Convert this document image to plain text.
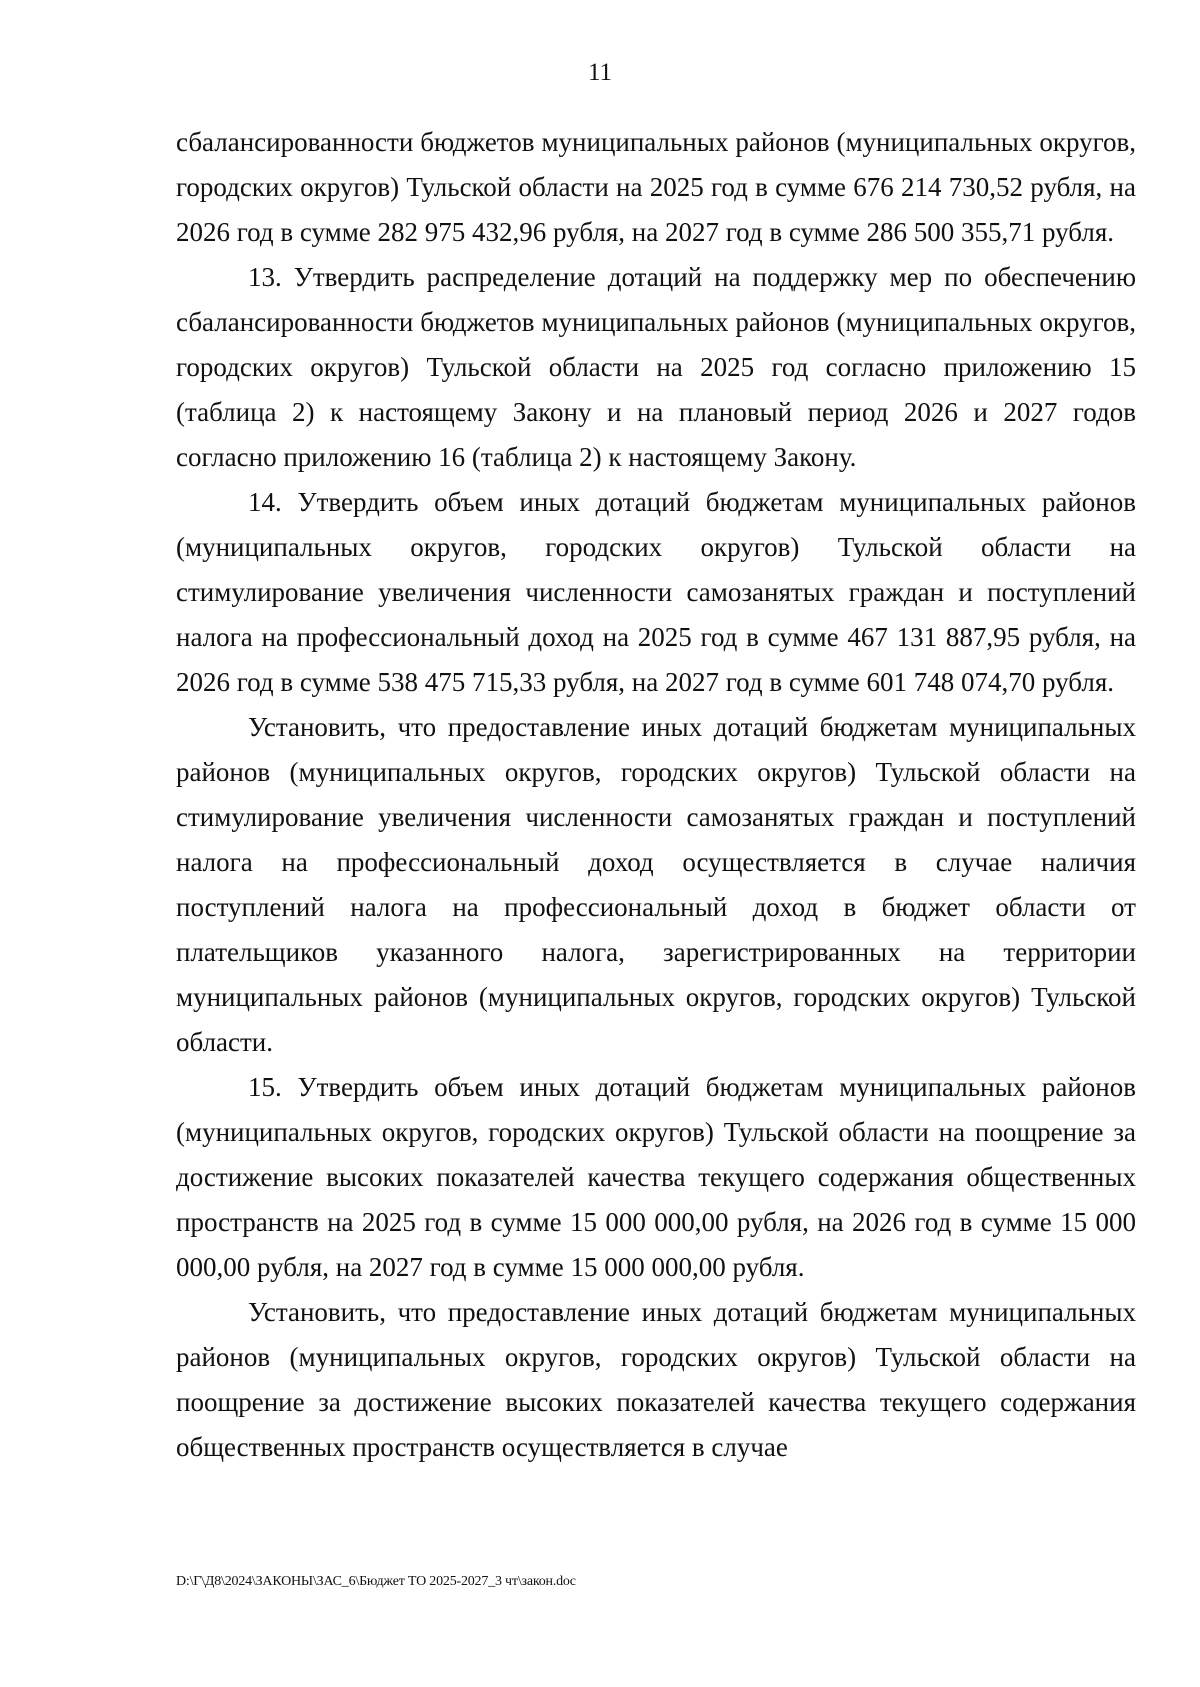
11

сбалансированности бюджетов муниципальных районов (муниципальных округов, городских округов) Тульской области на 2025 год в сумме 676 214 730,52 рубля, на 2026 год в сумме 282 975 432,96 рубля, на 2027 год в сумме 286 500 355,71 рубля.

13. Утвердить распределение дотаций на поддержку мер по обеспечению сбалансированности бюджетов муниципальных районов (муниципальных округов, городских округов) Тульской области на 2025 год согласно приложению 15 (таблица 2) к настоящему Закону и на плановый период 2026 и 2027 годов согласно приложению 16 (таблица 2) к настоящему Закону.

14. Утвердить объем иных дотаций бюджетам муниципальных районов (муниципальных округов, городских округов) Тульской области на стимулирование увеличения численности самозанятых граждан и поступлений налога на профессиональный доход на 2025 год в сумме 467 131 887,95 рубля, на 2026 год в сумме 538 475 715,33 рубля, на 2027 год в сумме 601 748 074,70 рубля.

Установить, что предоставление иных дотаций бюджетам муниципальных районов (муниципальных округов, городских округов) Тульской области на стимулирование увеличения численности самозанятых граждан и поступлений налога на профессиональный доход осуществляется в случае наличия поступлений налога на профессиональный доход в бюджет области от плательщиков указанного налога, зарегистрированных на территории муниципальных районов (муниципальных округов, городских округов) Тульской области.

15. Утвердить объем иных дотаций бюджетам муниципальных районов (муниципальных округов, городских округов) Тульской области на поощрение за достижение высоких показателей качества текущего содержания общественных пространств на 2025 год в сумме 15 000 000,00 рубля, на 2026 год в сумме 15 000 000,00 рубля, на 2027 год в сумме 15 000 000,00 рубля.

Установить, что предоставление иных дотаций бюджетам муниципальных районов (муниципальных округов, городских округов) Тульской области на поощрение за достижение высоких показателей качества текущего содержания общественных пространств осуществляется в случае

D:\Г\Д8\2024\ЗАКОНЫ\ЗАС_6\Бюджет ТО 2025-2027_3 чт\закон.doc
